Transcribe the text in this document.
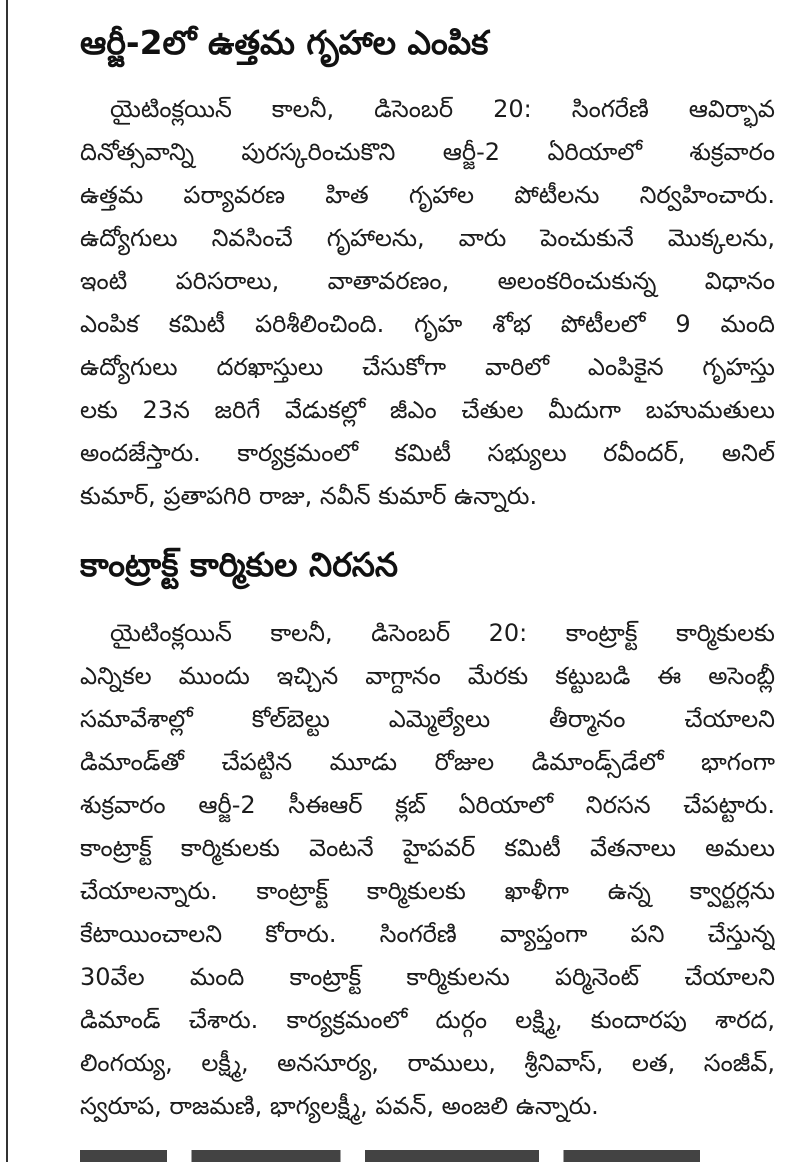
ఆర్జీ-2లో ఉత్తమ గృహాల ఎంపిక
యైటింక్లయిన్ కాలనీ, డిసెంబర్ 20: సింగరేణి ఆవిర్భావ
దినోత్సవాన్ని పురస్కరించుకొని ఆర్జీ-2 ఏరియాలో శుక్రవారం
ఉత్తమ పర్యావరణ హిత గృహాల పోటీలను నిర్వహించారు.
ఉద్యోగులు నివసించే గృహాలను, వారు పెంచుకునే మొక్కలను,
ఇంటి పరిసరాలు, వాతావరణం, అలంకరించుకున్న విధానం
ఎంపిక కమిటీ పరిశీలించింది. గృహ శోభ పోటీలలో 9 మంది
ఉద్యోగులు దరఖాస్తులు చేసుకోగా వారిలో ఎంపికైన గృహస్తు
లకు 23న జరిగే వేడుకల్లో జీఎం చేతుల మీదుగా బహుమతులు
అందజేస్తారు. కార్యక్రమంలో కమిటీ సభ్యులు రవీందర్, అనిల్
కుమార్, ప్రతాపగిరి రాజు, నవీన్ కుమార్ ఉన్నారు.
కాంట్రాక్ట్ కార్మికుల నిరసన
యైటింక్లయిన్ కాలనీ, డిసెంబర్ 20: కాంట్రాక్ట్ కార్మికులకు
ఎన్నికల ముందు ఇచ్చిన వాగ్దానం మేరకు కట్టుబడి ఈ అసెంబ్లీ
సమావేశాల్లో కోల్‌బెల్టు ఎమ్మెల్యేలు తీర్మానం చేయాలని
డిమాండ్‌తో చేపట్టిన మూడు రోజుల డిమాండ్స్‌డేలో భాగంగా
శుక్రవారం ఆర్జీ-2 సీఈఆర్ క్లబ్ ఏరియాలో నిరసన చేపట్టారు.
కాంట్రాక్ట్ కార్మికులకు వెంటనే హైపవర్ కమిటీ వేతనాలు అమలు
చేయాలన్నారు. కాంట్రాక్ట్ కార్మికులకు ఖాళీగా ఉన్న క్వార్టర్లను
కేటాయించాలని కోరారు. సింగరేణి వ్యాప్తంగా పని చేస్తున్న
30వేల మంది కాంట్రాక్ట్ కార్మికులను పర్మినెంట్ చేయాలని
డిమాండ్ చేశారు. కార్యక్రమంలో దుర్గం లక్ష్మి, కుందారపు శారద,
లింగయ్య, లక్ష్మీ, అనసూర్య, రాములు, శ్రీనివాస్, లత, సంజీవ్,
స్వరూప, రాజమణి, భాగ్యలక్ష్మీ, పవన్, అంజలి ఉన్నారు.
